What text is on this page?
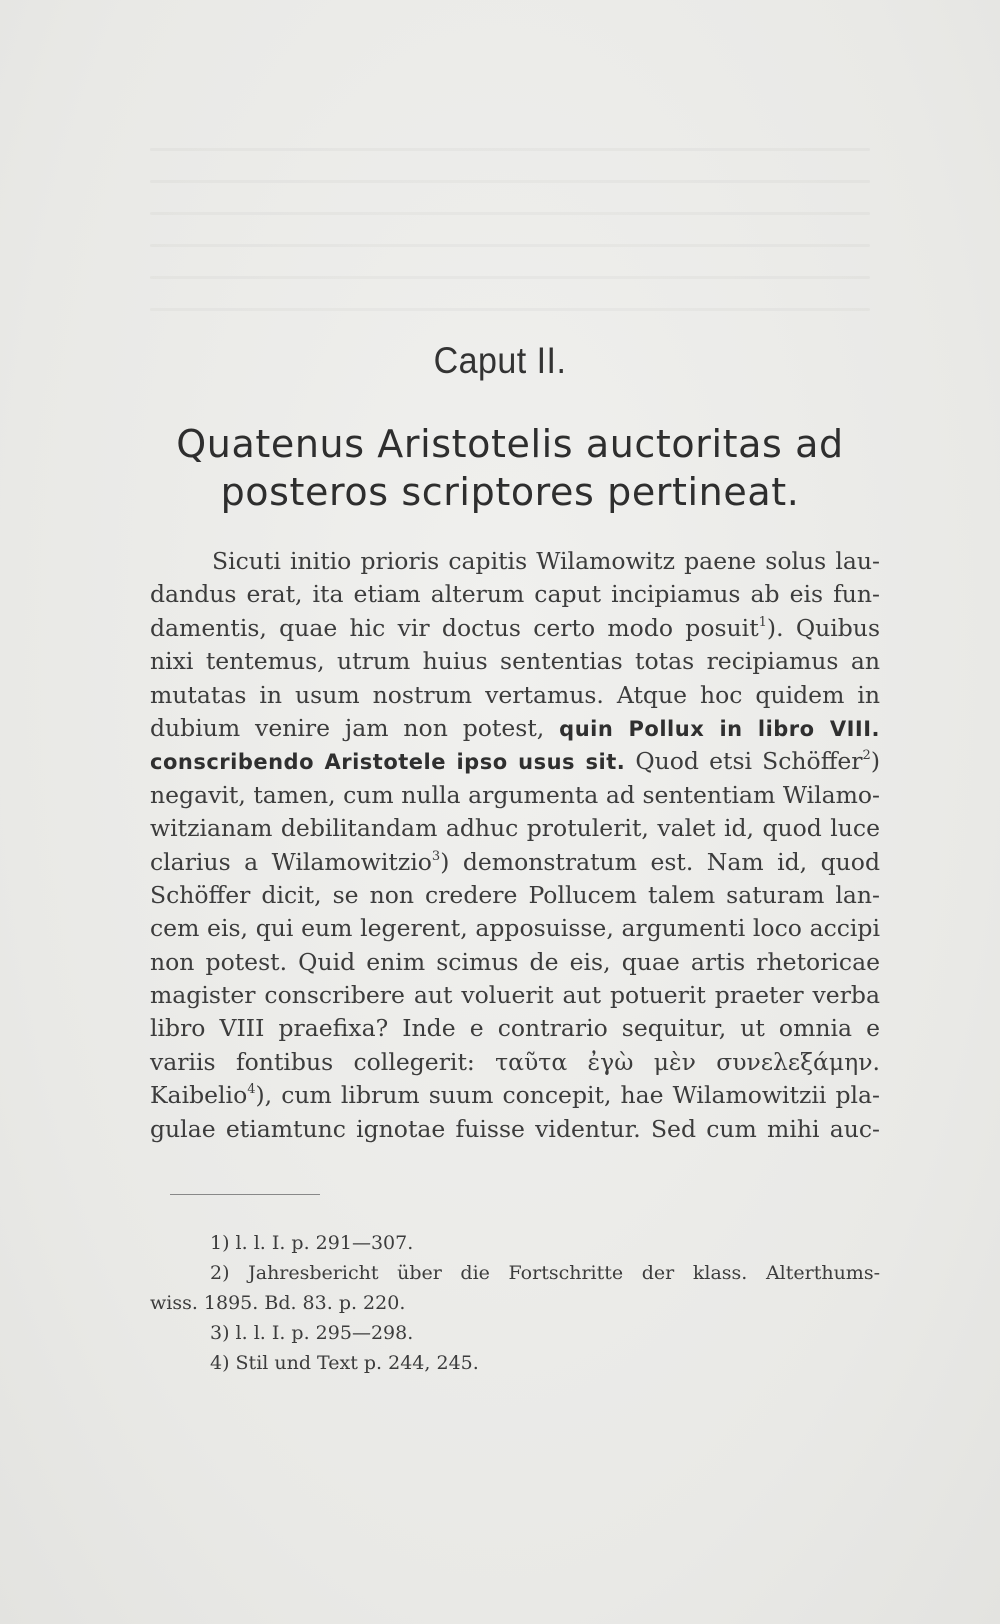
Caput II.
Quatenus Aristotelis auctoritas ad
posteros scriptores pertineat.
Sicuti initio prioris capitis Wilamowitz paene solus lau-
dandus erat, ita etiam alterum caput incipiamus ab eis fun-
damentis, quae hic vir doctus certo modo posuit$^1$). Quibus
nixi tentemus, utrum huius sententias totas recipiamus an
mutatas in usum nostrum vertamus. Atque hoc quidem in
dubium venire jam non potest, quin Pollux in libro VIII.
conscribendo Aristotele ipso usus sit. Quod etsi Schöffer$^2$)
negavit, tamen, cum nulla argumenta ad sententiam Wilamo-
witzianam debilitandam adhuc protulerit, valet id, quod luce
clarius a Wilamowitzio$^3$) demonstratum est. Nam id, quod
Schöffer dicit, se non credere Pollucem talem saturam lan-
cem eis, qui eum legerent, apposuisse, argumenti loco accipi
non potest. Quid enim scimus de eis, quae artis rhetoricae
magister conscribere aut voluerit aut potuerit praeter verba
libro VIII praefixa? Inde e contrario sequitur, ut omnia e
variis fontibus collegerit: ταῦτα ἐγὼ μὲν συνελεξάμην.
Kaibelio$^4$), cum librum suum concepit, hae Wilamowitzii pla-
gulae etiamtunc ignotae fuisse videntur. Sed cum mihi auc-
1) l. l. I. p. 291—307.
2) Jahresbericht über die Fortschritte der klass. Alterthums-
wiss. 1895. Bd. 83. p. 220.
3) l. l. I. p. 295—298.
4) Stil und Text p. 244, 245.
